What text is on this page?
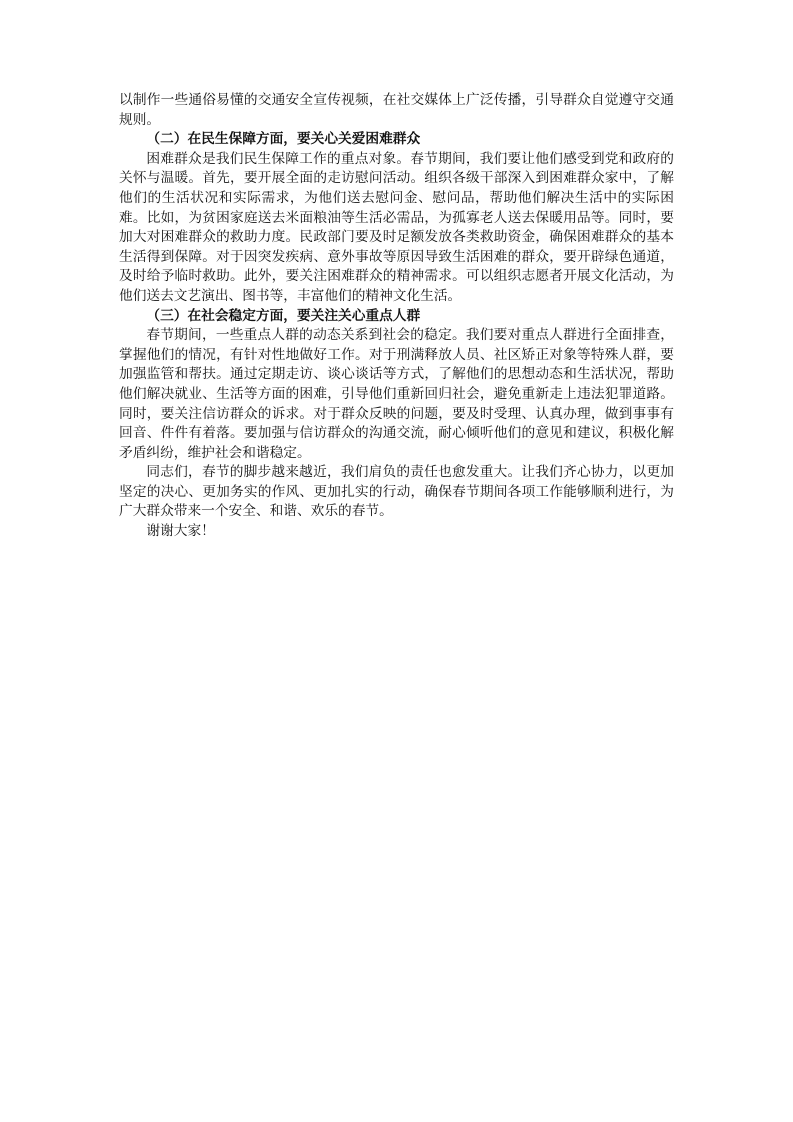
以制作一些通俗易懂的交通安全宣传视频，在社交媒体上广泛传播，引导群众自觉遵守交通规则。

（二）在民生保障方面，要关心关爱困难群众

困难群众是我们民生保障工作的重点对象。春节期间，我们要让他们感受到党和政府的关怀与温暖。首先，要开展全面的走访慰问活动。组织各级干部深入到困难群众家中，了解他们的生活状况和实际需求，为他们送去慰问金、慰问品，帮助他们解决生活中的实际困难。比如，为贫困家庭送去米面粮油等生活必需品，为孤寡老人送去保暖用品等。同时，要加大对困难群众的救助力度。民政部门要及时足额发放各类救助资金，确保困难群众的基本生活得到保障。对于因突发疾病、意外事故等原因导致生活困难的群众，要开辟绿色通道，及时给予临时救助。此外，要关注困难群众的精神需求。可以组织志愿者开展文化活动，为他们送去文艺演出、图书等，丰富他们的精神文化生活。

（三）在社会稳定方面，要关注关心重点人群

春节期间，一些重点人群的动态关系到社会的稳定。我们要对重点人群进行全面排查，掌握他们的情况，有针对性地做好工作。对于刑满释放人员、社区矫正对象等特殊人群，要加强监管和帮扶。通过定期走访、谈心谈话等方式，了解他们的思想动态和生活状况，帮助他们解决就业、生活等方面的困难，引导他们重新回归社会，避免重新走上违法犯罪道路。同时，要关注信访群众的诉求。对于群众反映的问题，要及时受理、认真办理，做到事事有回音、件件有着落。要加强与信访群众的沟通交流，耐心倾听他们的意见和建议，积极化解矛盾纠纷，维护社会和谐稳定。

同志们，春节的脚步越来越近，我们肩负的责任也愈发重大。让我们齐心协力，以更加坚定的决心、更加务实的作风、更加扎实的行动，确保春节期间各项工作能够顺利进行，为广大群众带来一个安全、和谐、欢乐的春节。

谢谢大家！
